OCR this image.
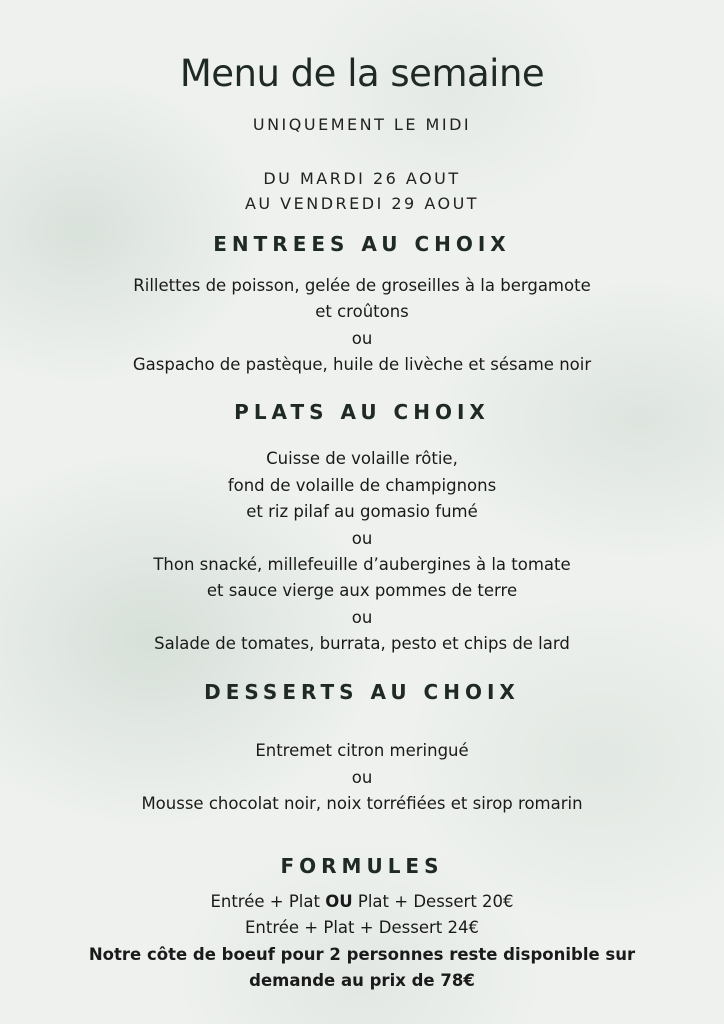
Menu de la semaine
UNIQUEMENT LE MIDI
DU MARDI 26 AOUT
AU VENDREDI 29 AOUT
ENTREES AU CHOIX
Rillettes de poisson, gelée de groseilles à la bergamote
et croûtons
ou
Gaspacho de pastèque, huile de livèche et sésame noir
PLATS AU CHOIX
Cuisse de volaille rôtie,
fond de volaille de champignons
et riz pilaf au gomasio fumé
ou
Thon snacké, millefeuille d’aubergines à la tomate
et sauce vierge aux pommes de terre
ou
Salade de tomates, burrata, pesto et chips de lard
DESSERTS AU CHOIX
Entremet citron meringué
ou
Mousse chocolat noir, noix torréfiées et sirop romarin
FORMULES
Entrée + Plat OU Plat + Dessert 20€
Entrée + Plat + Dessert 24€
Notre côte de boeuf pour 2 personnes reste disponible sur
demande au prix de 78€
